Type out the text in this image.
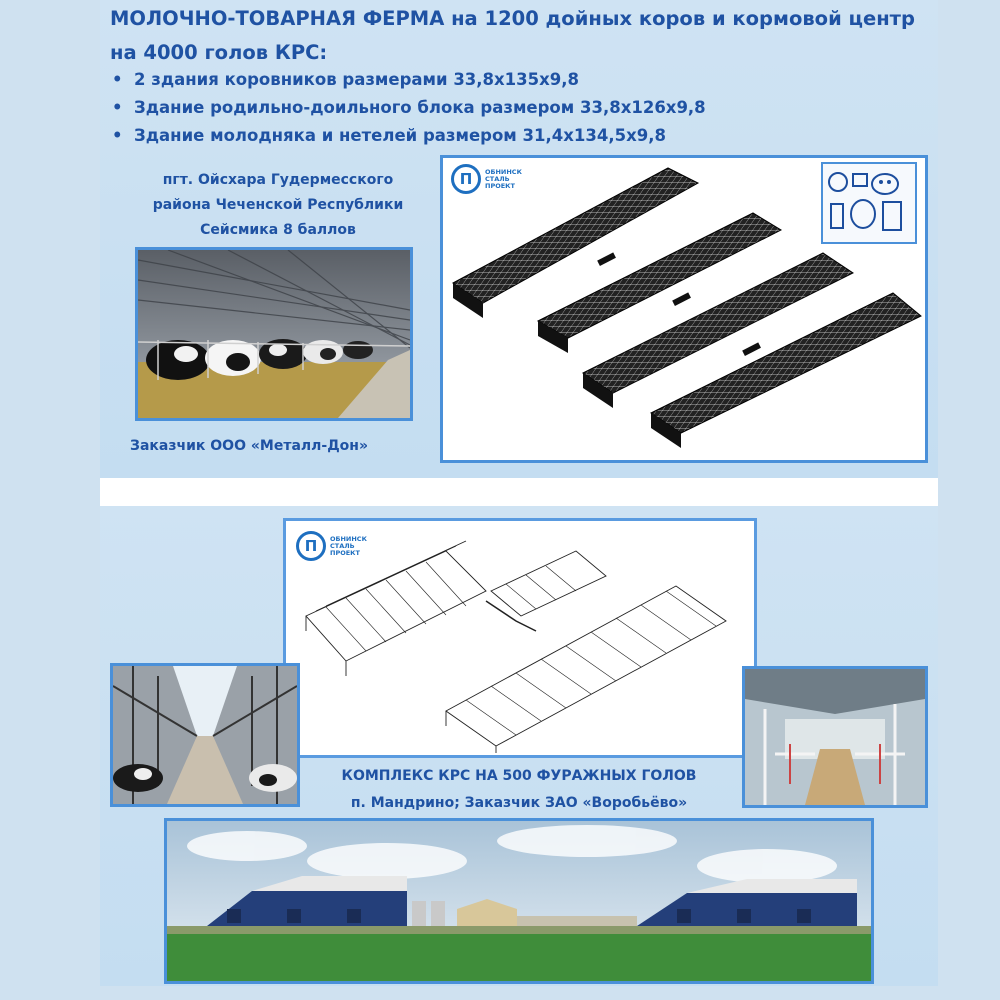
МОЛОЧНО-ТОВАРНАЯ ФЕРМА на 1200 дойных коров и кормовой центр на 4000 голов КРС:
• 2 здания коровников размерами 33,8х135х9,8
• Здание родильно-доильного блока размером 33,8х126х9,8
• Здание молодняка и нетелей размером 31,4х134,5х9,8
пгт. Ойсхара Гудермесского
района Чеченской Республики
Сейсмика 8 баллов
Заказчик ООО «Металл-Дон»
П	ОБНИНСК
СТАЛЬ
ПРОЕКТ
П	ОБНИНСК
СТАЛЬ
ПРОЕКТ
КОМПЛЕКС КРС НА 500 ФУРАЖНЫХ ГОЛОВ
п. Мандрино; Заказчик ЗАО «Воробьёво»
